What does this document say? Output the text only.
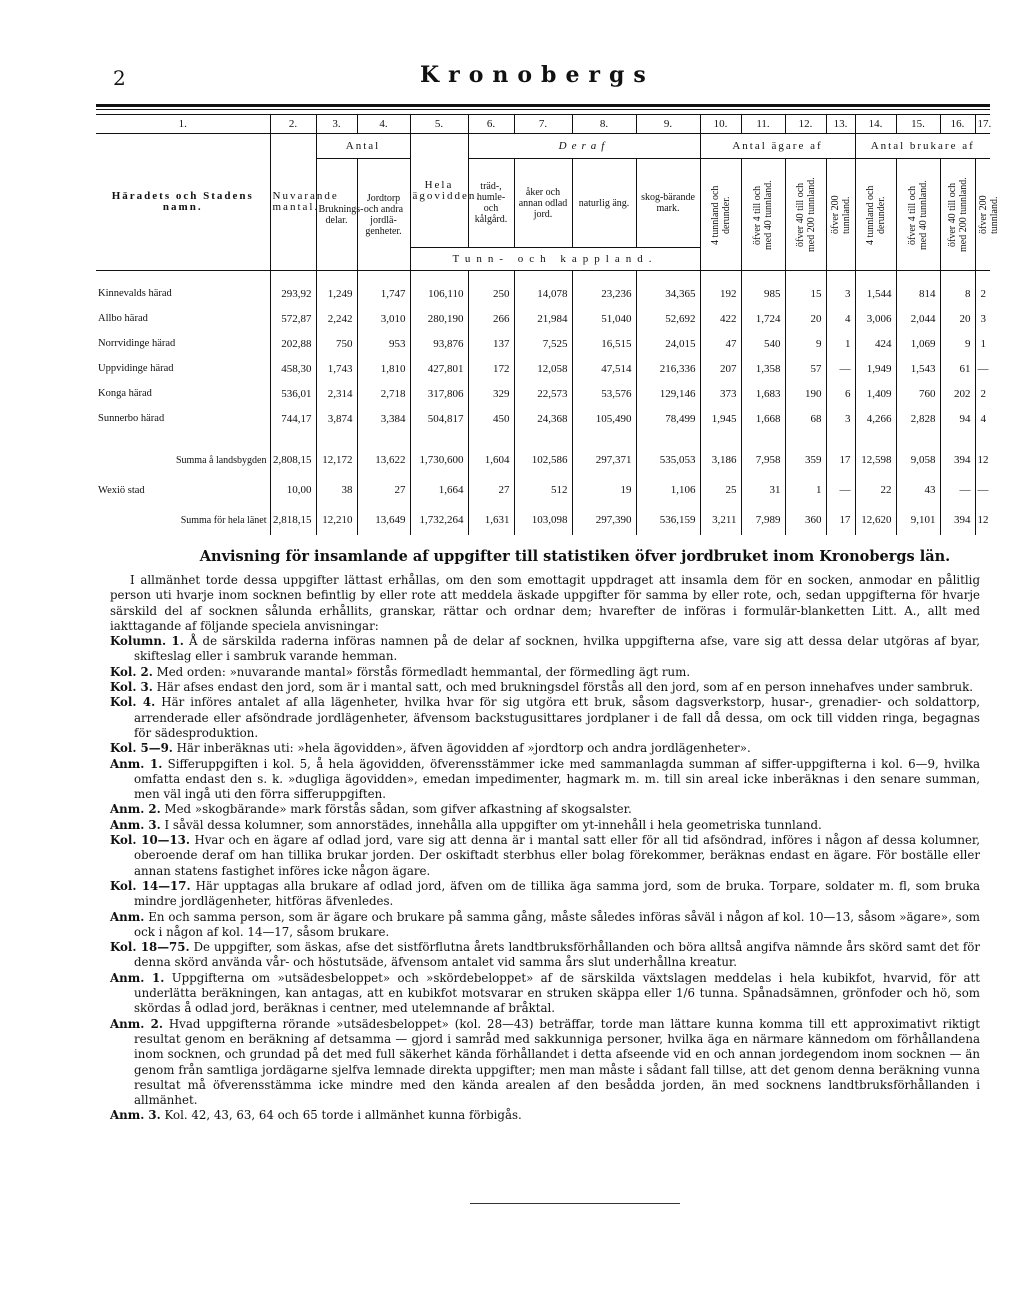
2	Kronobergs
1.	2.	3.	4.	5.	6.	7.	8.	9.	10.	11.	12.	13.	14.	15.	16.	17.
Häradets och Stadens namn.	Nuvarande mantal.	Antal		Hela ägovidden.	Deraf				Antal ägare af				Antal brukare af			
		Bruknings-delar.	Jordtorp och andra jordlä-genheter.		träd-, humle- och kålgård.	åker och annan odlad jord.	naturlig äng.	skog-bärande mark.	4 tunnland och derunder.	öfver 4 till och med 40 tunnland.	öfver 40 till och med 200 tunnland.	öfver 200 tunnland.	4 tunnland och derunder.	öfver 4 till och med 40 tunnland.	öfver 40 till och med 200 tunnland.	öfver 200 tunnland.

				Tunn- och kappland.												

Kinnevalds härad	293,92	1,249	1,747	106,110	250	14,078	23,236	34,365	192	985	15	3	1,544	814	8	2
Allbo härad	572,87	2,242	3,010	280,190	266	21,984	51,040	52,692	422	1,724	20	4	3,006	2,044	20	3
Norrvidinge härad	202,88	750	953	93,876	137	7,525	16,515	24,015	47	540	9	1	424	1,069	9	1
Uppvidinge härad	458,30	1,743	1,810	427,801	172	12,058	47,514	216,336	207	1,358	57	—	1,949	1,543	61	—
Konga härad	536,01	2,314	2,718	317,806	329	22,573	53,576	129,146	373	1,683	190	6	1,409	760	202	2
Sunnerbo härad	744,17	3,874	3,384	504,817	450	24,368	105,490	78,499	1,945	1,668	68	3	4,266	2,828	94	4

Summa å landsbygden	2,808,15	12,172	13,622	1,730,600	1,604	102,586	297,371	535,053	3,186	7,958	359	17	12,598	9,058	394	12
Wexiö stad	10,00	38	27	1,664	27	512	19	1,106	25	31	1	—	22	43	—	—
Summa för hela länet	2,818,15	12,210	13,649	1,732,264	1,631	103,098	297,390	536,159	3,211	7,989	360	17	12,620	9,101	394	12
Anvisning för insamlande af uppgifter till statistiken öfver jordbruket inom Kronobergs län.

I allmänhet torde dessa uppgifter lättast erhållas, om den som emottagit uppdraget att insamla dem för en socken, anmodar en pålitlig person uti hvarje inom socknen befintlig by eller rote att meddela äskade uppgifter för samma by eller rote, och, sedan uppgifterna för hvarje särskild del af socknen sålunda erhållits, granskar, rättar och ordnar dem; hvarefter de införas i formulär-blanketten Litt. A., allt med iakttagande af följande speciela anvisningar:

Kolumn. 1. Å de särskilda raderna införas namnen på de delar af socknen, hvilka uppgifterna afse, vare sig att dessa delar utgöras af byar, skifteslag eller i sambruk varande hemman.

Kol. 2. Med orden: »nuvarande mantal» förstås förmedladt hemmantal, der förmedling ägt rum.

Kol. 3. Här afses endast den jord, som är i mantal satt, och med brukningsdel förstås all den jord, som af en person innehafves under sambruk.

Kol. 4. Här införes antalet af alla lägenheter, hvilka hvar för sig utgöra ett bruk, såsom dagsverkstorp, husar-, grenadier- och soldattorp, arrenderade eller afsöndrade jordlägenheter, äfvensom backstugusittares jordplaner i de fall då dessa, om ock till vidden ringa, begagnas för sädesproduktion.

Kol. 5—9. Här inberäknas uti: »hela ägovidden», äfven ägovidden af »jordtorp och andra jordlägenheter».

Anm. 1. Sifferuppgiften i kol. 5, å hela ägovidden, öfverensstämmer icke med sammanlagda summan af siffer-uppgifterna i kol. 6—9, hvilka omfatta endast den s. k. »dugliga ägovidden», emedan impedimenter, hagmark m. m. till sin areal icke inberäknas i den senare summan, men väl ingå uti den förra sifferuppgiften.

Anm. 2. Med »skogbärande» mark förstås sådan, som gifver afkastning af skogsalster.

Anm. 3. I såväl dessa kolumner, som annorstädes, innehålla alla uppgifter om yt-innehåll i hela geometriska tunnland.

Kol. 10—13. Hvar och en ägare af odlad jord, vare sig att denna är i mantal satt eller för all tid afsöndrad, införes i någon af dessa kolumner, oberoende deraf om han tillika brukar jorden. Der oskiftadt sterbhus eller bolag förekommer, beräknas endast en ägare. För boställe eller annan statens fastighet införes icke någon ägare.

Kol. 14—17. Här upptagas alla brukare af odlad jord, äfven om de tillika äga samma jord, som de bruka. Torpare, soldater m. fl, som bruka mindre jordlägenheter, hitföras äfvenledes.

Anm. En och samma person, som är ägare och brukare på samma gång, måste således införas såväl i någon af kol. 10—13, såsom »ägare», som ock i någon af kol. 14—17, såsom brukare.

Kol. 18—75. De uppgifter, som äskas, afse det sistförflutna årets landtbruksförhållanden och böra alltså angifva nämnde års skörd samt det för denna skörd använda vår- och höstutsäde, äfvensom antalet vid samma års slut underhållna kreatur.

Anm. 1. Uppgifterna om »utsädesbeloppet» och »skördebeloppet» af de särskilda växtslagen meddelas i hela kubikfot, hvarvid, för att underlätta beräkningen, kan antagas, att en kubikfot motsvarar en struken skäppa eller 1/6 tunna. Spånadsämnen, grönfoder och hö, som skördas å odlad jord, beräknas i centner, med utelemnande af bråktal.

Anm. 2. Hvad uppgifterna rörande »utsädesbeloppet» (kol. 28—43) beträffar, torde man lättare kunna komma till ett approximativt riktigt resultat genom en beräkning af detsamma — gjord i samråd med sakkunniga personer, hvilka äga en närmare kännedom om förhållandena inom socknen, och grundad på det med full säkerhet kända förhållandet i detta afseende vid en och annan jordegendom inom socknen — än genom från samtliga jordägarne sjelfva lemnade direkta uppgifter; men man måste i sådant fall tillse, att det genom denna beräkning vunna resultat må öfverensstämma icke mindre med den kända arealen af den besådda jorden, än med socknens landtbruksförhållanden i allmänhet.

Anm. 3. Kol. 42, 43, 63, 64 och 65 torde i allmänhet kunna förbigås.
